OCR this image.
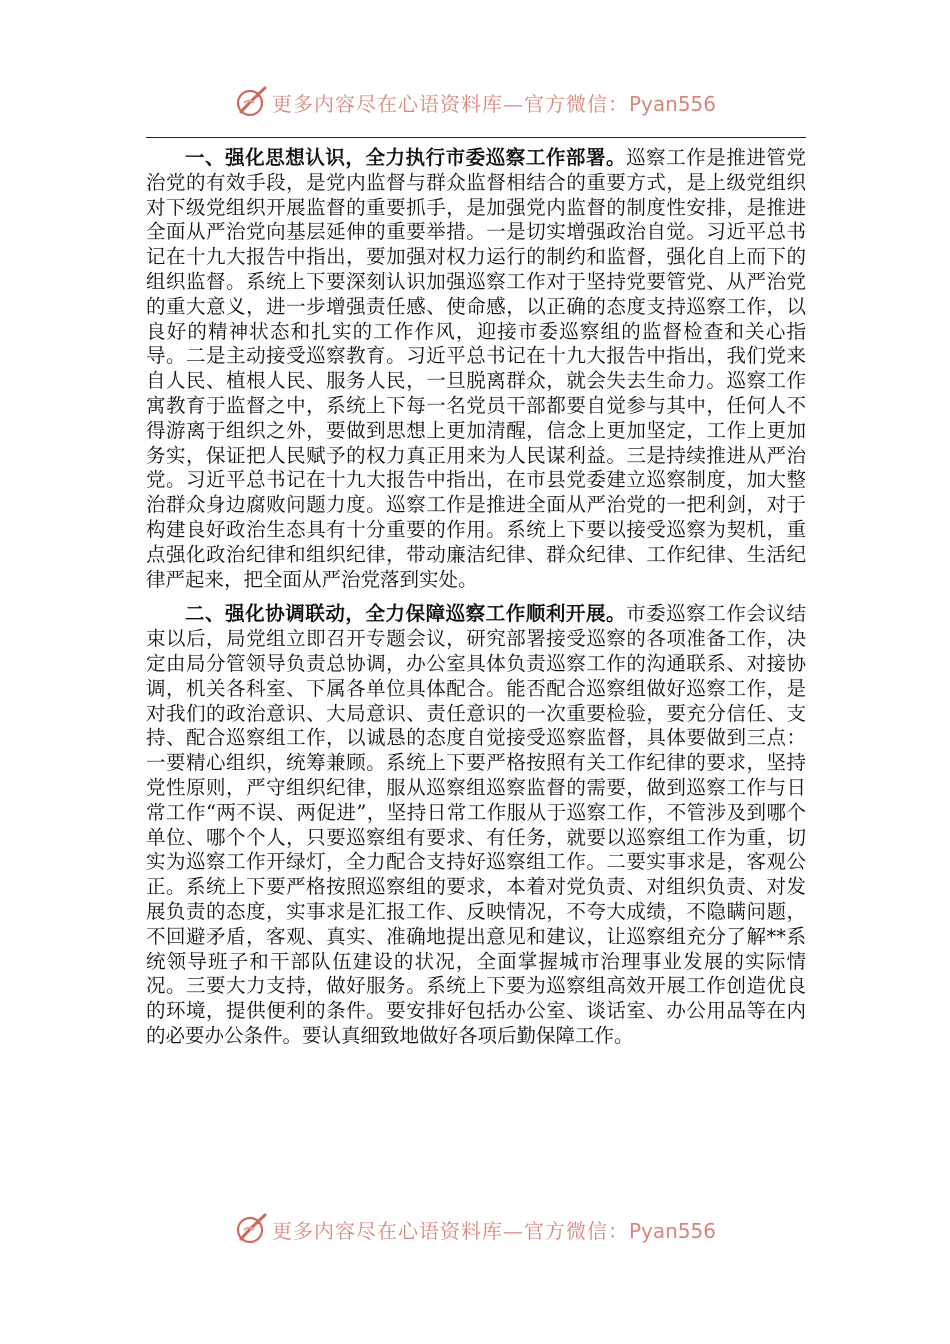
更多内容尽在心语资料库—官方微信：Pyan556

一、强化思想认识，全力执行市委巡察工作部署。巡察工作是推进管党治党的有效手段，是党内监督与群众监督相结合的重要方式，是上级党组织对下级党组织开展监督的重要抓手，是加强党内监督的制度性安排，是推进全面从严治党向基层延伸的重要举措。一是切实增强政治自觉。习近平总书记在十九大报告中指出，要加强对权力运行的制约和监督，强化自上而下的组织监督。系统上下要深刻认识加强巡察工作对于坚持党要管党、从严治党的重大意义，进一步增强责任感、使命感，以正确的态度支持巡察工作，以良好的精神状态和扎实的工作作风，迎接市委巡察组的监督检查和关心指导。二是主动接受巡察教育。习近平总书记在十九大报告中指出，我们党来自人民、植根人民、服务人民，一旦脱离群众，就会失去生命力。巡察工作寓教育于监督之中，系统上下每一名党员干部都要自觉参与其中，任何人不得游离于组织之外，要做到思想上更加清醒，信念上更加坚定，工作上更加务实，保证把人民赋予的权力真正用来为人民谋利益。三是持续推进从严治党。习近平总书记在十九大报告中指出，在市县党委建立巡察制度，加大整治群众身边腐败问题力度。巡察工作是推进全面从严治党的一把利剑，对于构建良好政治生态具有十分重要的作用。系统上下要以接受巡察为契机，重点强化政治纪律和组织纪律，带动廉洁纪律、群众纪律、工作纪律、生活纪律严起来，把全面从严治党落到实处。

二、强化协调联动，全力保障巡察工作顺利开展。市委巡察工作会议结束以后，局党组立即召开专题会议，研究部署接受巡察的各项准备工作，决定由局分管领导负责总协调，办公室具体负责巡察工作的沟通联系、对接协调，机关各科室、下属各单位具体配合。能否配合巡察组做好巡察工作，是对我们的政治意识、大局意识、责任意识的一次重要检验，要充分信任、支持、配合巡察组工作，以诚恳的态度自觉接受巡察监督，具体要做到三点：一要精心组织，统筹兼顾。系统上下要严格按照有关工作纪律的要求，坚持党性原则，严守组织纪律，服从巡察组巡察监督的需要，做到巡察工作与日常工作“两不误、两促进”，坚持日常工作服从于巡察工作，不管涉及到哪个单位、哪个个人，只要巡察组有要求、有任务，就要以巡察组工作为重，切实为巡察工作开绿灯，全力配合支持好巡察组工作。二要实事求是，客观公正。系统上下要严格按照巡察组的要求，本着对党负责、对组织负责、对发展负责的态度，实事求是汇报工作、反映情况，不夸大成绩，不隐瞒问题，不回避矛盾，客观、真实、准确地提出意见和建议，让巡察组充分了解**系统领导班子和干部队伍建设的状况，全面掌握城市治理事业发展的实际情况。三要大力支持，做好服务。系统上下要为巡察组高效开展工作创造优良的环境，提供便利的条件。要安排好包括办公室、谈话室、办公用品等在内的必要办公条件。要认真细致地做好各项后勤保障工作。

更多内容尽在心语资料库—官方微信：Pyan556
